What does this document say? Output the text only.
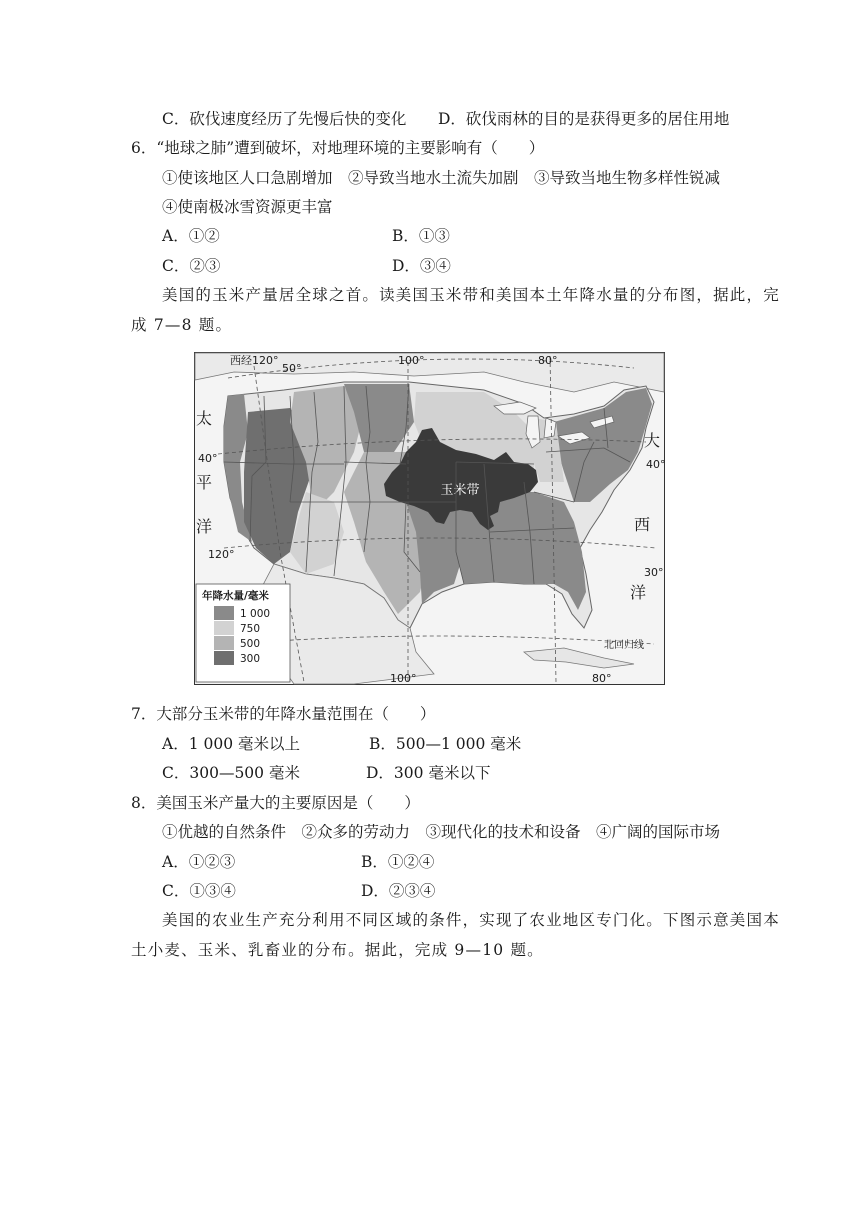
C．砍伐速度经历了先慢后快的变化 D．砍伐雨林的目的是获得更多的居住用地
6．“地球之肺”遭到破坏，对地理环境的主要影响有（　　）
①使该地区人口急剧增加　②导致当地水土流失加剧　③导致当地生物多样性锐减
④使南极冰雪资源更丰富
A．①②	B．①③
C．②③	D．③④
美国的玉米产量居全球之首。读美国玉米带和美国本土年降水量的分布图，据此，完
成 7—8 题。
玉米带
西经120°
50°
100°	80°
40°
120°
40°
30°
100°	80°
北回归线
太
平
洋
大
西
洋
年降水量/毫米
1 000
750
500
300
7．大部分玉米带的年降水量范围在（　　）
A．1 000 毫米以上	B．500—1 000 毫米
C．300—500 毫米	D．300 毫米以下
8．美国玉米产量大的主要原因是（　　）
①优越的自然条件　②众多的劳动力　③现代化的技术和设备　④广阔的国际市场
A．①②③	B．①②④
C．①③④	D．②③④
美国的农业生产充分利用不同区域的条件，实现了农业地区专门化。下图示意美国本
土小麦、玉米、乳畜业的分布。据此，完成 9—10 题。
